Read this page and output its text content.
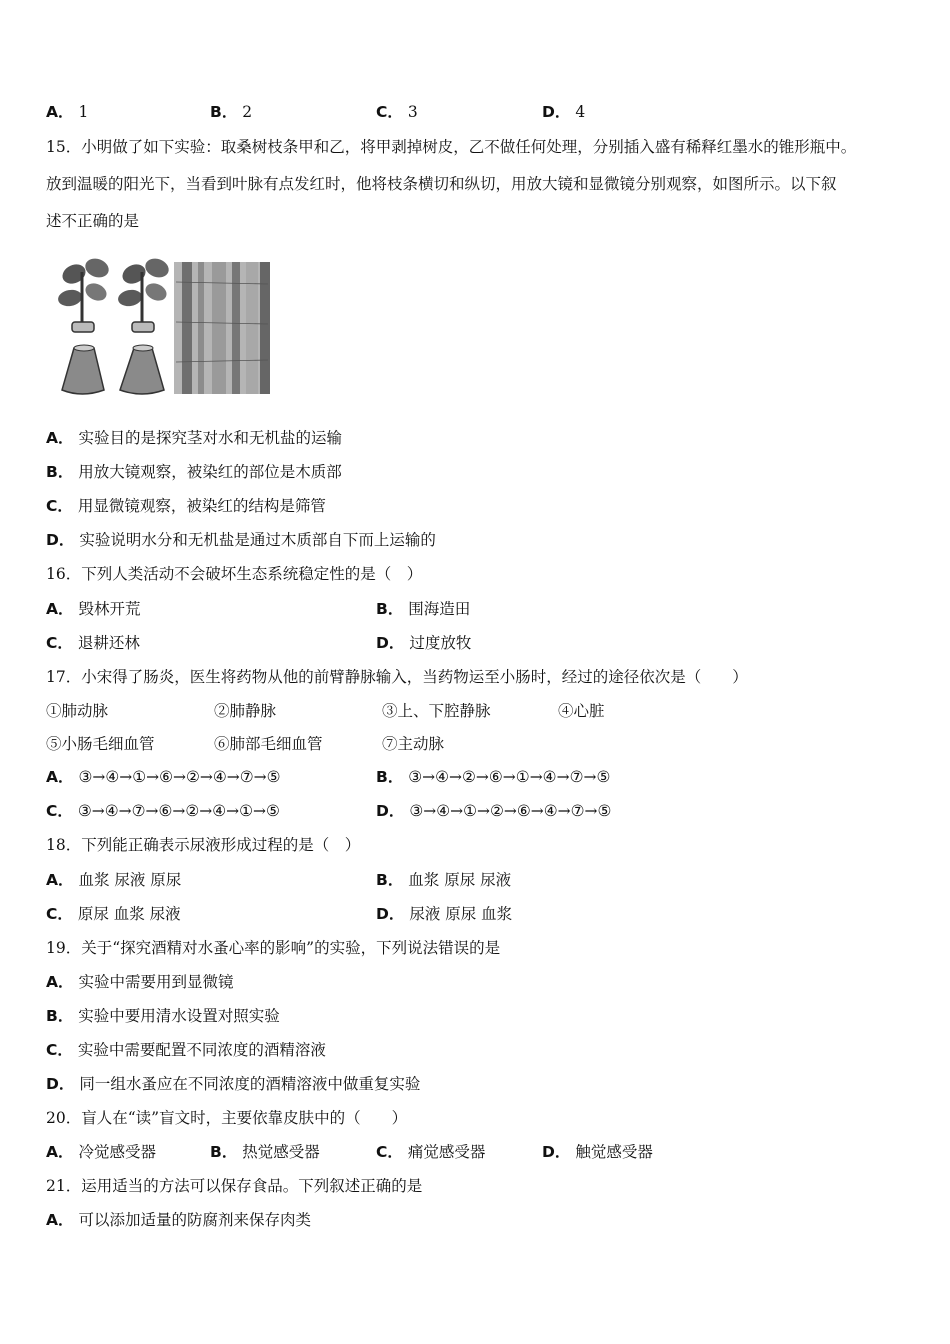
A． 1	B． 2	C． 3	D． 4
15．小明做了如下实验：取桑树枝条甲和乙，将甲剥掉树皮，乙不做任何处理，分别插入盛有稀释红墨水的锥形瓶中。
放到温暖的阳光下，当看到叶脉有点发红时，他将枝条横切和纵切，用放大镜和显微镜分别观察，如图所示。以下叙
述不正确的是
A． 实验目的是探究茎对水和无机盐的运输
B． 用放大镜观察，被染红的部位是木质部
C． 用显微镜观察，被染红的结构是筛管
D． 实验说明水分和无机盐是通过木质部自下而上运输的
16．下列人类活动不会破坏生态系统稳定性的是（　）
A． 毁林开荒	B． 围海造田
C． 退耕还林	D． 过度放牧
17．小宋得了肠炎，医生将药物从他的前臂静脉输入，当药物运至小肠时，经过的途径依次是（　　）
①肺动脉	②肺静脉	③上、下腔静脉	④心脏
⑤小肠毛细血管	⑥肺部毛细血管	⑦主动脉
A． ③→④→①→⑥→②→④→⑦→⑤	B． ③→④→②→⑥→①→④→⑦→⑤
C． ③→④→⑦→⑥→②→④→①→⑤	D． ③→④→①→②→⑥→④→⑦→⑤
18．下列能正确表示尿液形成过程的是（　）
A． 血浆 尿液 原尿	B． 血浆 原尿 尿液
C． 原尿 血浆 尿液	D． 尿液 原尿 血浆
19．关于“探究酒精对水蚤心率的影响”的实验，下列说法错误的是
A． 实验中需要用到显微镜
B． 实验中要用清水设置对照实验
C． 实验中需要配置不同浓度的酒精溶液
D． 同一组水蚤应在不同浓度的酒精溶液中做重复实验
20．盲人在“读”盲文时，主要依靠皮肤中的（　　）
A． 冷觉感受器	B． 热觉感受器	C． 痛觉感受器	D． 触觉感受器
21．运用适当的方法可以保存食品。下列叙述正确的是
A． 可以添加适量的防腐剂来保存肉类
